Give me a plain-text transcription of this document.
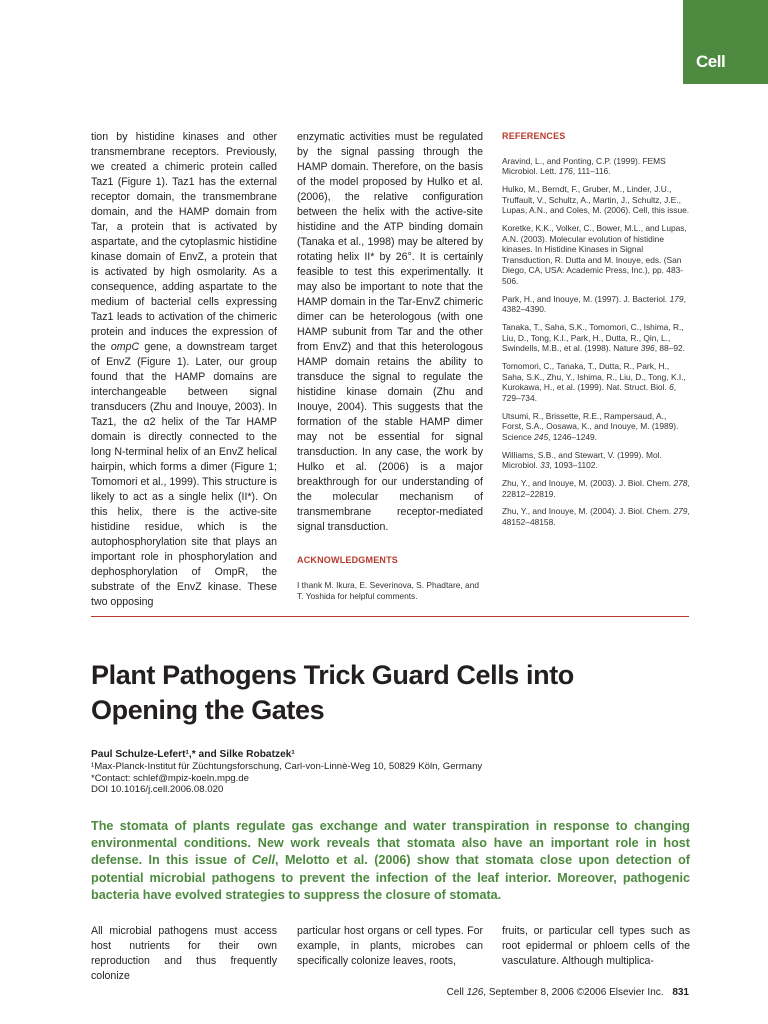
Cell

tion by histidine kinases and other transmembrane receptors. Previously, we created a chimeric protein called Taz1 (Figure 1). Taz1 has the external receptor domain, the transmembrane domain, and the HAMP domain from Tar, a protein that is activated by aspartate, and the cytoplasmic histidine kinase domain of EnvZ, a protein that is activated by high osmolarity. As a consequence, adding aspartate to the medium of bacterial cells expressing Taz1 leads to activation of the chimeric protein and induces the expression of the ompC gene, a downstream target of EnvZ (Figure 1). Later, our group found that the HAMP domains are interchangeable between signal transducers (Zhu and Inouye, 2003). In Taz1, the α2 helix of the Tar HAMP domain is directly connected to the long N-terminal helix of an EnvZ helical hairpin, which forms a dimer (Figure 1; Tomomori et al., 1999). This structure is likely to act as a single helix (II*). On this helix, there is the active-site histidine residue, which is the autophosphorylation site that plays an important role in phosphorylation and dephosphorylation of OmpR, the substrate of the EnvZ kinase. These two opposing

enzymatic activities must be regulated by the signal passing through the HAMP domain. Therefore, on the basis of the model proposed by Hulko et al. (2006), the relative configuration between the helix with the active-site histidine and the ATP binding domain (Tanaka et al., 1998) may be altered by rotating helix II* by 26°. It is certainly feasible to test this experimentally. It may also be important to note that the HAMP domain in the Tar-EnvZ chimeric dimer can be heterologous (with one HAMP subunit from Tar and the other from EnvZ) and that this heterologous HAMP domain retains the ability to transduce the signal to regulate the histidine kinase domain (Zhu and Inouye, 2004). This suggests that the formation of the stable HAMP dimer may not be essential for signal transduction. In any case, the work by Hulko et al. (2006) is a major breakthrough for our understanding of the molecular mechanism of transmembrane receptor-mediated signal transduction.

ACKNOWLEDGMENTS

I thank M. Ikura, E. Severinova, S. Phadtare, and T. Yoshida for helpful comments.

REFERENCES

Aravind, L., and Ponting, C.P. (1999). FEMS Microbiol. Lett. 176, 111–116.

Hulko, M., Berndt, F., Gruber, M., Linder, J.U., Truffault, V., Schultz, A., Martin, J., Schultz, J.E., Lupas, A.N., and Coles, M. (2006). Cell, this issue.

Koretke, K.K., Volker, C., Bower, M.L., and Lupas, A.N. (2003). Molecular evolution of histidine kinases. In Histidine Kinases in Signal Transduction, R. Dutta and M. Inouye, eds. (San Diego, CA, USA: Academic Press, Inc.), pp. 483-506.

Park, H., and Inouye, M. (1997). J. Bacteriol. 179, 4382–4390.

Tanaka, T., Saha, S.K., Tomomori, C., Ishima, R., Liu, D., Tong, K.I., Park, H., Dutta, R., Qin, L., Swindells, M.B., et al. (1998). Nature 396, 88–92.

Tomomori, C., Tanaka, T., Dutta, R., Park, H., Saha, S.K., Zhu, Y., Ishima, R., Liu, D., Tong, K.I., Kurokawa, H., et al. (1999). Nat. Struct. Biol. 6, 729–734.

Utsumi, R., Brissette, R.E., Rampersaud, A., Forst, S.A., Oosawa, K., and Inouye, M. (1989). Science 245, 1246–1249.

Williams, S.B., and Stewart, V. (1999). Mol. Microbiol. 33, 1093–1102.

Zhu, Y., and Inouye, M. (2003). J. Biol. Chem. 278, 22812–22819.

Zhu, Y., and Inouye, M. (2004). J. Biol. Chem. 279, 48152–48158.

Plant Pathogens Trick Guard Cells into
Opening the Gates
Paul Schulze-Lefert¹,* and Silke Robatzek¹
¹Max-Planck-Institut für Züchtungsforschung, Carl-von-Linnè-Weg 10, 50829 Köln, Germany
*Contact: schlef@mpiz-koeln.mpg.de
DOI 10.1016/j.cell.2006.08.020

The stomata of plants regulate gas exchange and water transpiration in response to changing environmental conditions. New work reveals that stomata also have an important role in host defense. In this issue of Cell, Melotto et al. (2006) show that stomata close upon detection of potential microbial pathogens to prevent the infection of the leaf interior. Moreover, pathogenic bacteria have evolved strategies to suppress the closure of stomata.

All microbial pathogens must access host nutrients for their own reproduction and thus frequently colonize

particular host organs or cell types. For example, in plants, microbes can specifically colonize leaves, roots,

fruits, or particular cell types such as root epidermal or phloem cells of the vasculature. Although multiplica-

Cell 126, September 8, 2006 ©2006 Elsevier Inc. 831
